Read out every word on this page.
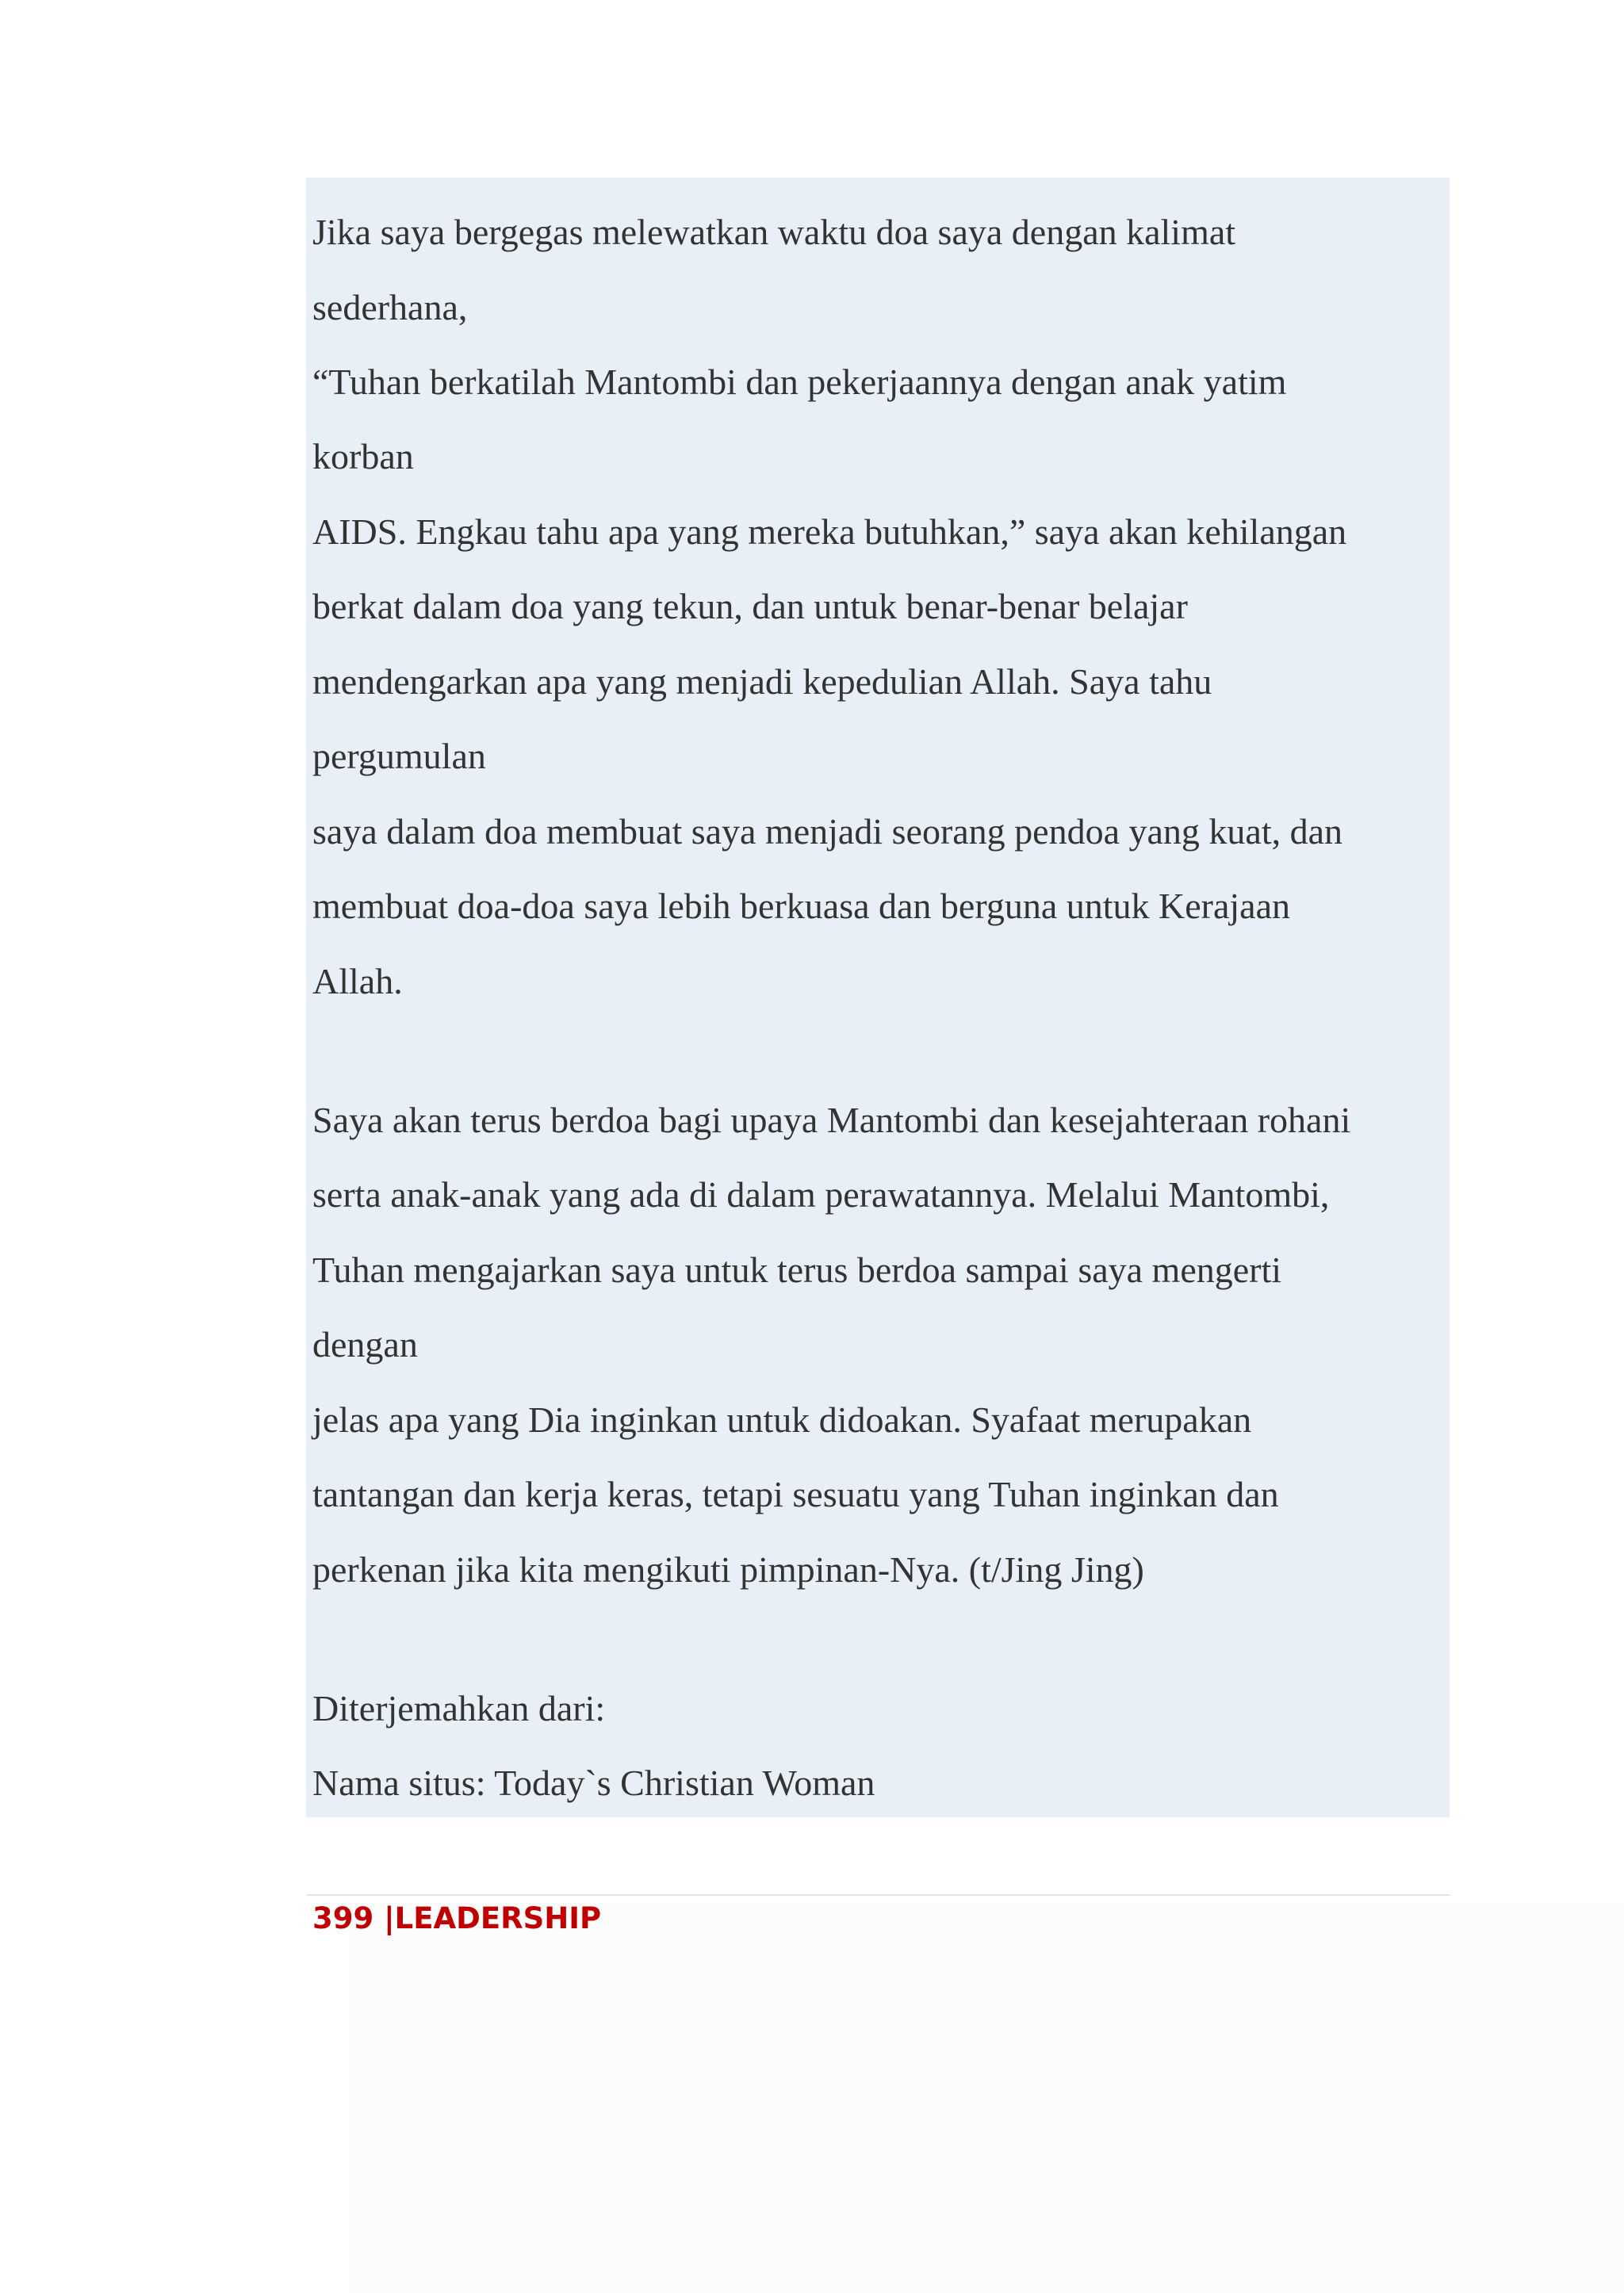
Jika saya bergegas melewatkan waktu doa saya dengan kalimat

sederhana,

“Tuhan berkatilah Mantombi dan pekerjaannya dengan anak yatim

korban

AIDS. Engkau tahu apa yang mereka butuhkan,” saya akan kehilangan

berkat dalam doa yang tekun, dan untuk benar-benar belajar

mendengarkan apa yang menjadi kepedulian Allah. Saya tahu

pergumulan

saya dalam doa membuat saya menjadi seorang pendoa yang kuat, dan

membuat doa-doa saya lebih berkuasa dan berguna untuk Kerajaan

Allah.

Saya akan terus berdoa bagi upaya Mantombi dan kesejahteraan rohani

serta anak-anak yang ada di dalam perawatannya. Melalui Mantombi,

Tuhan mengajarkan saya untuk terus berdoa sampai saya mengerti

dengan

jelas apa yang Dia inginkan untuk didoakan. Syafaat merupakan

tantangan dan kerja keras, tetapi sesuatu yang Tuhan inginkan dan

perkenan jika kita mengikuti pimpinan-Nya. (t/Jing Jing)

Diterjemahkan dari:

Nama situs: Today`s Christian Woman

399 |LEADERSHIP
